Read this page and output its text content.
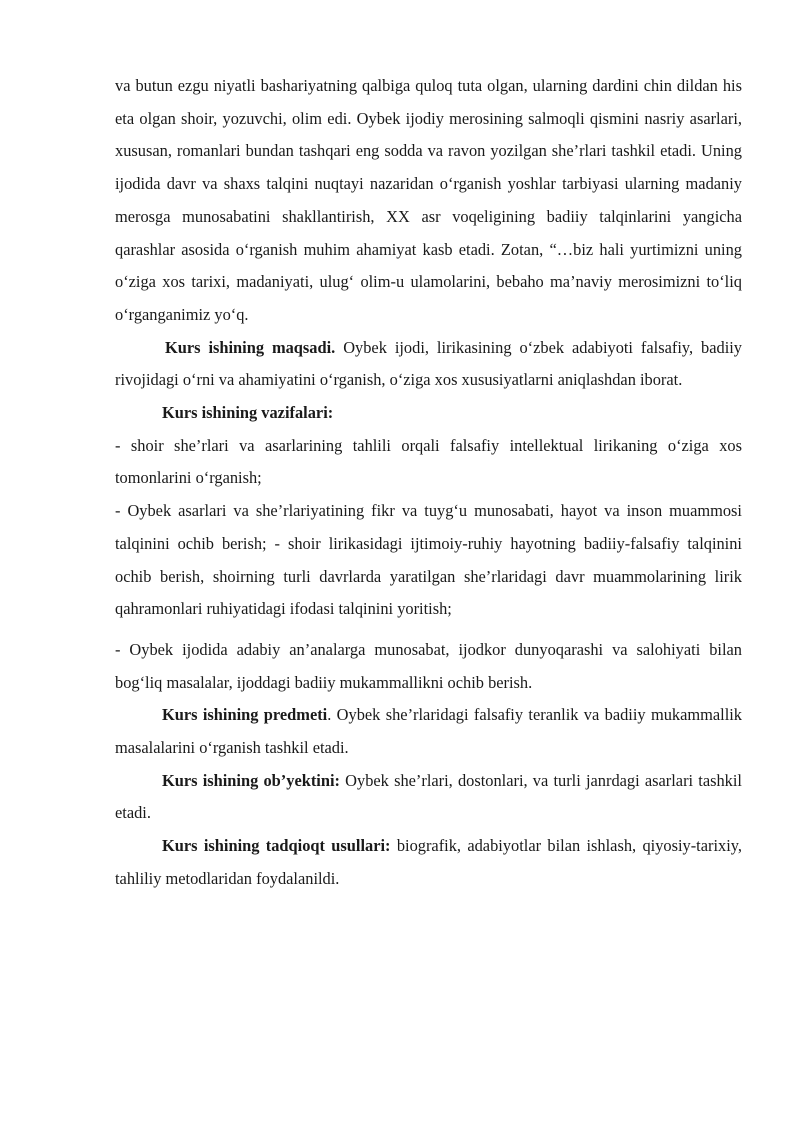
va butun ezgu niyatli bashariyatning qalbiga quloq tuta olgan, ularning dardini chin dildan his eta olgan shoir, yozuvchi, olim edi. Oybek ijodiy merosining salmoqli qismini nasriy asarlari, xususan, romanlari bundan tashqari eng sodda va ravon yozilgan she’rlari tashkil etadi. Uning ijodida davr va shaxs talqini nuqtayi nazaridan o‘rganish yoshlar tarbiyasi ularning madaniy merosga munosabatini shakllantirish, XX asr voqeligining badiiy talqinlarini yangicha qarashlar asosida o‘rganish muhim ahamiyat kasb etadi. Zotan, “…biz hali yurtimizni uning o‘ziga xos tarixi, madaniyati, ulug‘ olim-u ulamolarini, bebaho ma’naviy merosimizni to‘liq o‘rganganimiz yo‘q.

Kurs ishining maqsadi. Oybek ijodi, lirikasining o‘zbek adabiyoti falsafiy, badiiy rivojidagi o‘rni va ahamiyatini o‘rganish, o‘ziga xos xususiyatlarni aniqlashdan iborat.

Kurs ishining vazifalari:

- shoir she’rlari va asarlarining tahlili orqali falsafiy intellektual lirikaning o‘ziga xos tomonlarini o‘rganish;

- Oybek asarlari va she’rlariyatining fikr va tuyg‘u munosabati, hayot va inson muammosi talqinini ochib berish; - shoir lirikasidagi ijtimoiy-ruhiy hayotning badiiy-falsafiy talqinini ochib berish, shoirning turli davrlarda yaratilgan she’rlaridagi davr muammolarining lirik qahramonlari ruhiyatidagi ifodasi talqinini yoritish;

- Oybek ijodida adabiy an’analarga munosabat, ijodkor dunyoqarashi va salohiyati bilan bog‘liq masalalar, ijoddagi badiiy mukammallikni ochib berish.

Kurs ishining predmeti. Oybek she’rlaridagi falsafiy teranlik va badiiy mukammallik masalalarini o‘rganish tashkil etadi.

Kurs ishining ob’yektini: Oybek she’rlari, dostonlari, va turli janrdagi asarlari tashkil etadi.

Kurs ishining tadqioqt usullari: biografik, adabiyotlar bilan ishlash, qiyosiy-tarixiy, tahliliy metodlaridan foydalanildi.
